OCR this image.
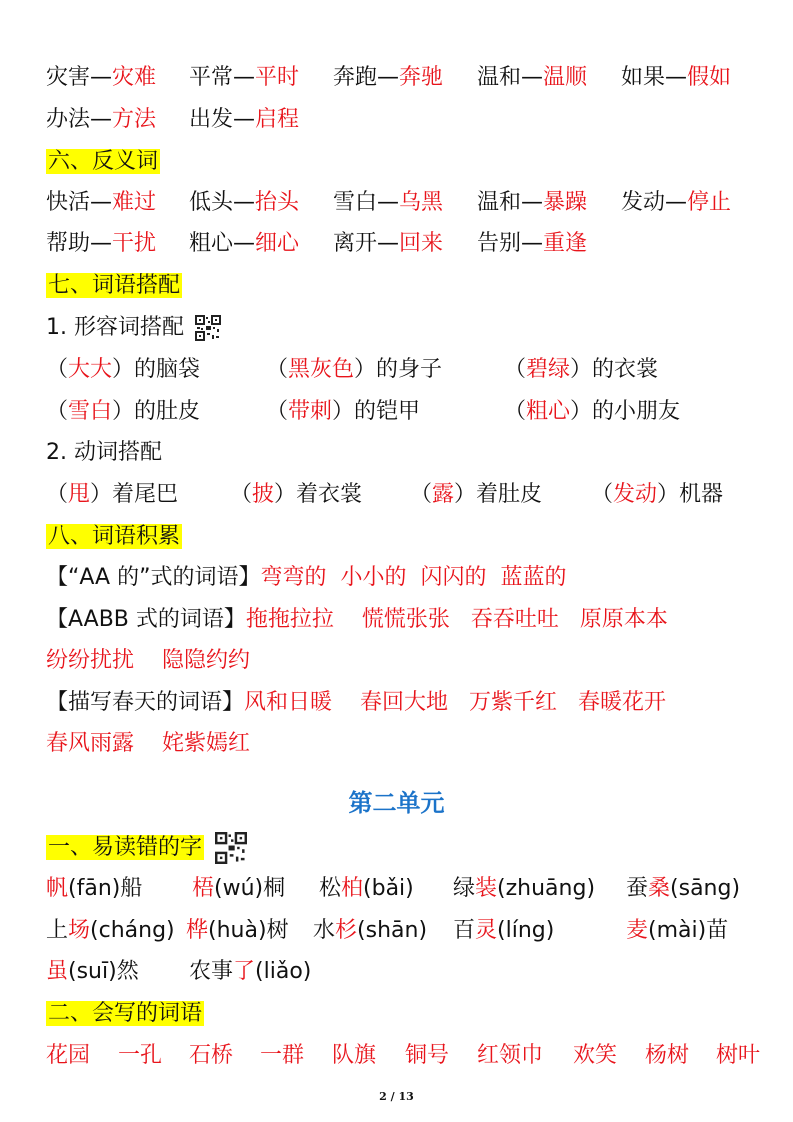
灾害—灾难 平常—平时 奔跑—奔驰 温和—温顺 如果—假如
办法—方法 出发—启程
六、反义词
快活—难过 低头—抬头 雪白—乌黑 温和—暴躁 发动—停止
帮助—干扰 粗心—细心 离开—回来 告别—重逢
七、词语搭配
1. 形容词搭配
（大大）的脑袋	（黑灰色）的身子	（碧绿）的衣裳
（雪白）的肚皮	（带刺）的铠甲	（粗心）的小朋友
2. 动词搭配
（甩）着尾巴 （披）着衣裳 （露）着肚皮 （发动）机器
八、词语积累
【“AA 的”式的词语】弯弯的  小小的  闪闪的  蓝蓝的
【AABB 式的词语】拖拖拉拉    慌慌张张   吞吞吐吐   原原本本
纷纷扰扰    隐隐约约
【描写春天的词语】风和日暖    春回大地   万紫千红   春暖花开
春风雨露    姹紫嫣红
第二单元
一、易读错的字
帆(fān)船 梧(wú)桐 松柏(bǎi) 绿装(zhuāng) 蚕桑(sāng)
上场(cháng) 桦(huà)树 水杉(shān) 百灵(líng)	麦(mài)苗
虽(suī)然 农事了(liǎo)
二、会写的词语
花园 一孔 石桥 一群 队旗 铜号 红领巾 欢笑 杨树 树叶
2 / 13
